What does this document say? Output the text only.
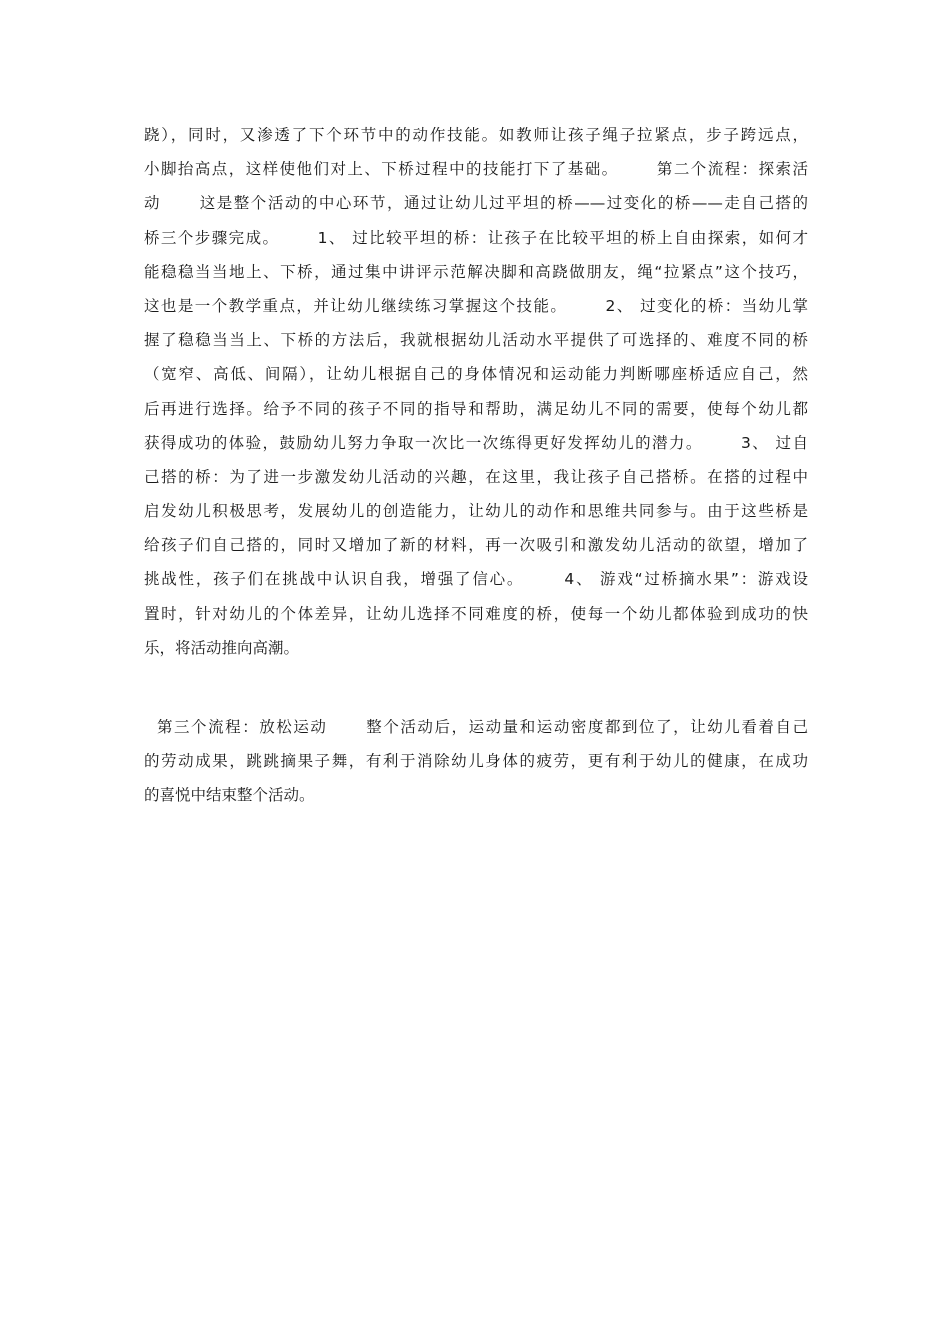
跷），同时，又渗透了下个环节中的动作技能。如教师让孩子绳子拉紧点，步子跨远点，
小脚抬高点，这样使他们对上、下桥过程中的技能打下了基础。      第二个流程：探索活
动      这是整个活动的中心环节，通过让幼儿过平坦的桥——过变化的桥——走自己搭的
桥三个步骤完成。      1、 过比较平坦的桥：让孩子在比较平坦的桥上自由探索，如何才
能稳稳当当地上、下桥，通过集中讲评示范解决脚和高跷做朋友，绳“拉紧点”这个技巧，
这也是一个教学重点，并让幼儿继续练习掌握这个技能。      2、 过变化的桥：当幼儿掌
握了稳稳当当上、下桥的方法后，我就根据幼儿活动水平提供了可选择的、难度不同的桥
（宽窄、高低、间隔），让幼儿根据自己的身体情况和运动能力判断哪座桥适应自己，然
后再进行选择。给予不同的孩子不同的指导和帮助，满足幼儿不同的需要，使每个幼儿都
获得成功的体验，鼓励幼儿努力争取一次比一次练得更好发挥幼儿的潜力。      3、 过自
己搭的桥：为了进一步激发幼儿活动的兴趣，在这里，我让孩子自己搭桥。在搭的过程中
启发幼儿积极思考，发展幼儿的创造能力，让幼儿的动作和思维共同参与。由于这些桥是
给孩子们自己搭的，同时又增加了新的材料，再一次吸引和激发幼儿活动的欲望，增加了
挑战性，孩子们在挑战中认识自我，增强了信心。      4、 游戏“过桥摘水果”：游戏设
置时，针对幼儿的个体差异，让幼儿选择不同难度的桥，使每一个幼儿都体验到成功的快
乐，将活动推向高潮。
第三个流程：放松运动      整个活动后，运动量和运动密度都到位了，让幼儿看着自己
的劳动成果，跳跳摘果子舞，有利于消除幼儿身体的疲劳，更有利于幼儿的健康，在成功
的喜悦中结束整个活动。
